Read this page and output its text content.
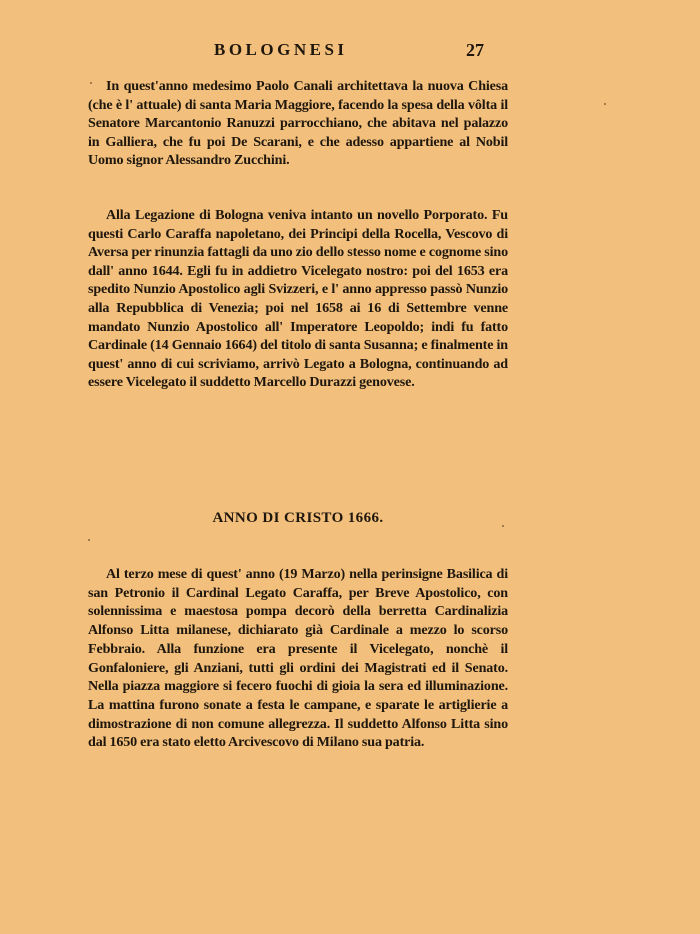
BOLOGNESI	27
In quest'anno medesimo Paolo Canali architettava la nuova Chiesa (che è l' attuale) di santa Maria Maggiore, facendo la spesa della vôlta il Senatore Marcantonio Ranuzzi parrocchiano, che abitava nel palazzo in Galliera, che fu poi De Scarani, e che adesso appartiene al Nobil Uomo signor Alessandro Zucchini.
Alla Legazione di Bologna veniva intanto un novello Porporato. Fu questi Carlo Caraffa napoletano, dei Principi della Rocella, Vescovo di Aversa per rinunzia fattagli da uno zio dello stesso nome e cognome sino dall' anno 1644. Egli fu in addietro Vicelegato nostro: poi del 1653 era spedito Nunzio Apostolico agli Svizzeri, e l' anno appresso passò Nunzio alla Repubblica di Venezia; poi nel 1658 ai 16 di Settembre venne mandato Nunzio Apostolico all' Imperatore Leopoldo; indi fu fatto Cardinale (14 Gennaio 1664) del titolo di santa Susanna; e finalmente in quest' anno di cui scriviamo, arrivò Legato a Bologna, continuando ad essere Vicelegato il suddetto Marcello Durazzi genovese.
ANNO DI CRISTO 1666.
Al terzo mese di quest' anno (19 Marzo) nella perinsigne Basilica di san Petronio il Cardinal Legato Caraffa, per Breve Apostolico, con solennissima e maestosa pompa decorò della berretta Cardinalizia Alfonso Litta milanese, dichiarato già Cardinale a mezzo lo scorso Febbraio. Alla funzione era presente il Vicelegato, nonchè il Gonfaloniere, gli Anziani, tutti gli ordini dei Magistrati ed il Senato. Nella piazza maggiore si fecero fuochi di gioia la sera ed illuminazione. La mattina furono sonate a festa le campane, e sparate le artiglierie a dimostrazione di non comune allegrezza. Il suddetto Alfonso Litta sino dal 1650 era stato eletto Arcivescovo di Milano sua patria.
